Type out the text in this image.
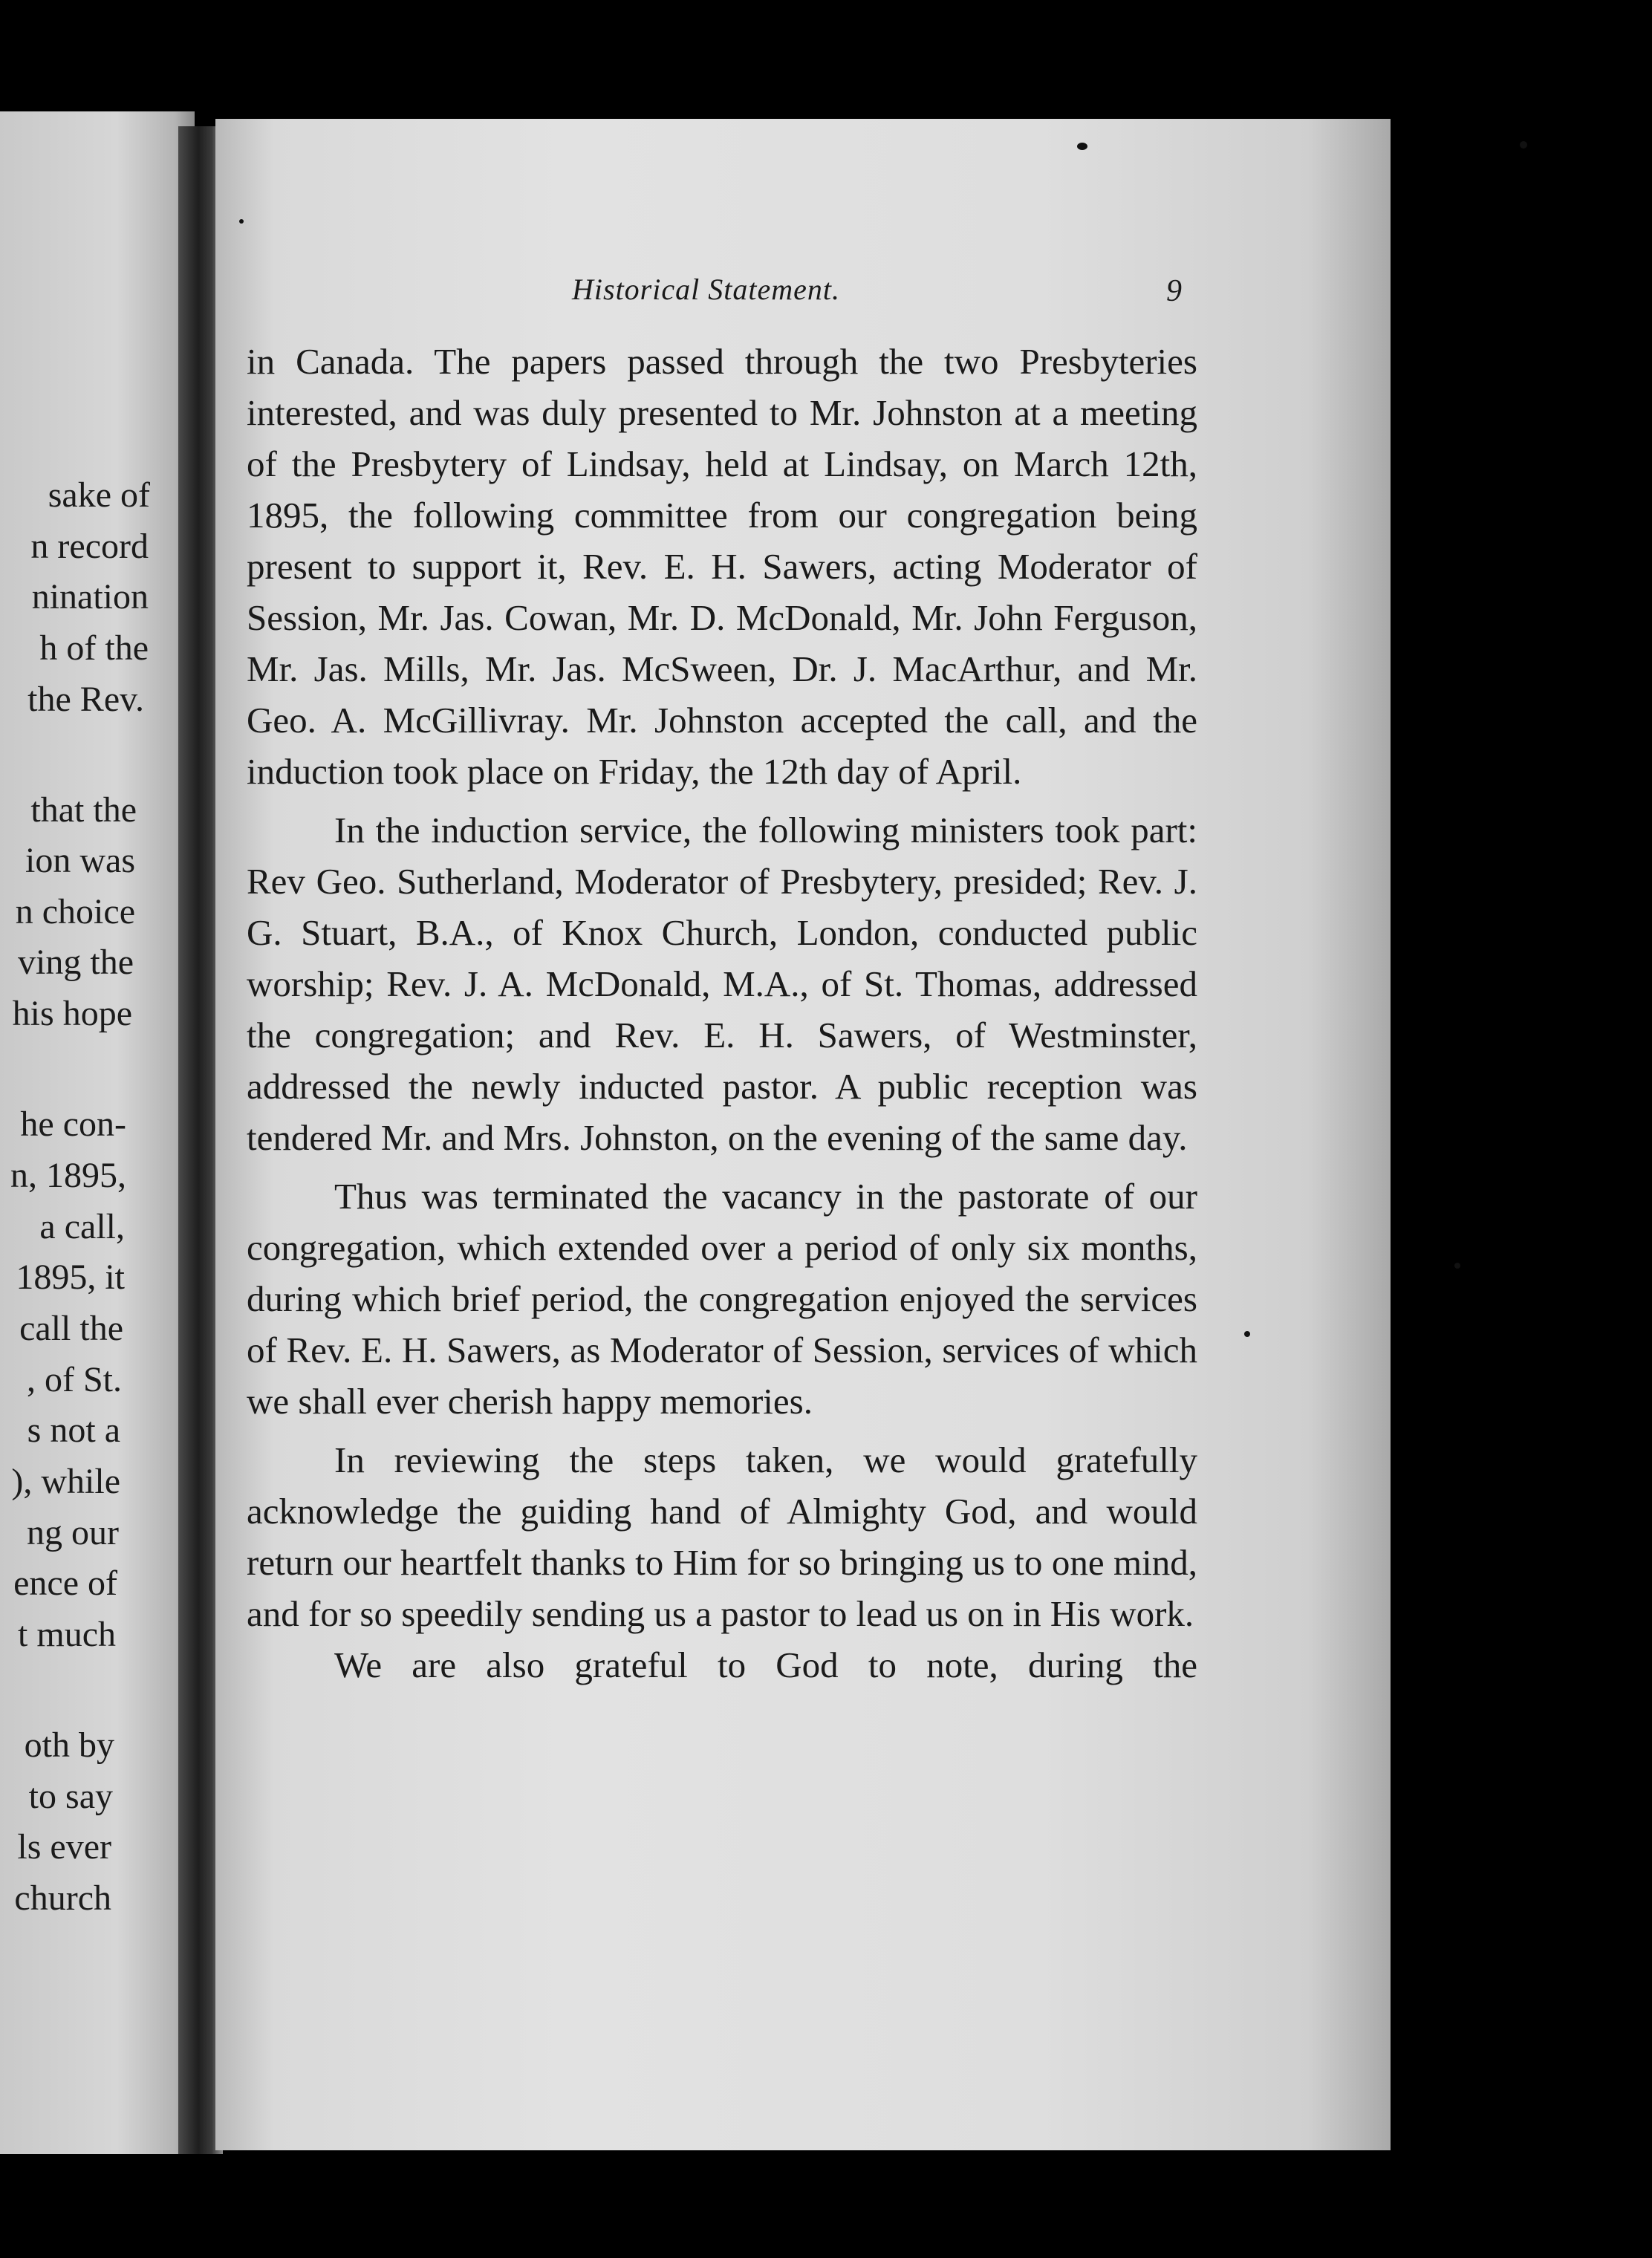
sake of
n record
nination
h of the
the Rev.
that the
ion was
n choice
ving the
his hope
he con-
n, 1895,
a call,
1895, it
call the
, of St.
s not a
), while
ng our
ence of
t much
oth by
to say
ls ever
church
Historical Statement.	9

in Canada. The papers passed through the two Presbyteries interested, and was duly presented to Mr. Johnston at a meeting of the Presbytery of Lindsay, held at Lindsay, on March 12th, 1895, the following committee from our congregation being present to support it, Rev. E. H. Sawers, acting Moderator of Session, Mr. Jas. Cowan, Mr. D. McDonald, Mr. John Ferguson, Mr. Jas. Mills, Mr. Jas. McSween, Dr. J. MacArthur, and Mr. Geo. A. McGillivray. Mr. Johnston accepted the call, and the induction took place on Friday, the 12th day of April.

In the induction service, the following ministers took part: Rev Geo. Sutherland, Moderator of Presbytery, presided; Rev. J. G. Stuart, B.A., of Knox Church, London, conducted public worship; Rev. J. A. McDonald, M.A., of St. Thomas, addressed the congregation; and Rev. E. H. Sawers, of Westminster, addressed the newly inducted pastor. A public reception was tendered Mr. and Mrs. Johnston, on the evening of the same day.

Thus was terminated the vacancy in the pastorate of our congregation, which extended over a period of only six months, during which brief period, the congregation enjoyed the services of Rev. E. H. Sawers, as Moderator of Session, services of which we shall ever cherish happy memories.

In reviewing the steps taken, we would gratefully acknowledge the guiding hand of Almighty God, and would return our heartfelt thanks to Him for so bringing us to one mind, and for so speedily sending us a pastor to lead us on in His work.

We are also grateful to God to note, during the
